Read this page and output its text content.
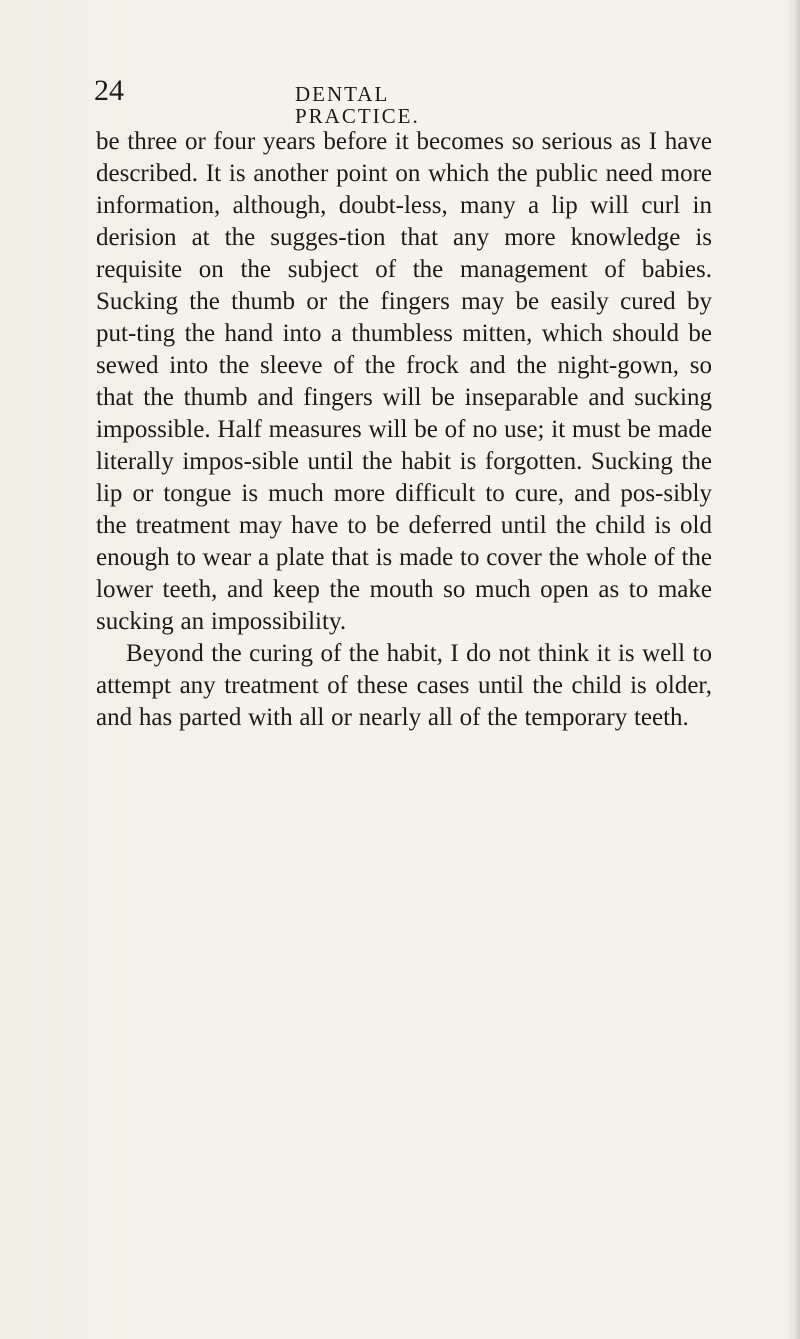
24	DENTAL PRACTICE.

be three or four years before it becomes so serious as I have described. It is another point on which the public need more information, although, doubt-less, many a lip will curl in derision at the sugges-tion that any more knowledge is requisite on the subject of the management of babies. Sucking the thumb or the fingers may be easily cured by put-ting the hand into a thumbless mitten, which should be sewed into the sleeve of the frock and the night-gown, so that the thumb and fingers will be inseparable and sucking impossible. Half measures will be of no use; it must be made literally impos-sible until the habit is forgotten. Sucking the lip or tongue is much more difficult to cure, and pos-sibly the treatment may have to be deferred until the child is old enough to wear a plate that is made to cover the whole of the lower teeth, and keep the mouth so much open as to make sucking an impossibility.

Beyond the curing of the habit, I do not think it is well to attempt any treatment of these cases until the child is older, and has parted with all or nearly all of the temporary teeth.
